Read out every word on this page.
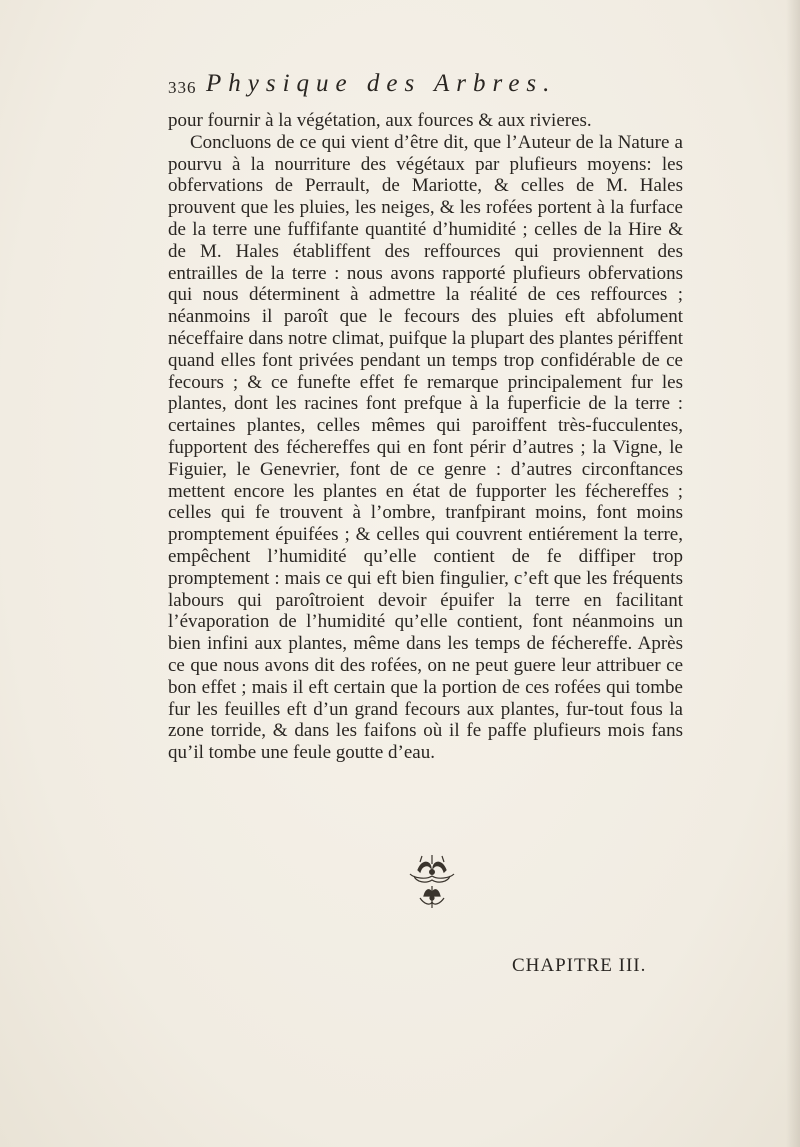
336 Physique des Arbres.

pour fournir à la végétation, aux fources & aux rivieres.

Concluons de ce qui vient d’être dit, que l’Auteur de la Nature a pourvu à la nourriture des végétaux par plufieurs moyens: les obfervations de Perrault, de Mariotte, & celles de M. Hales prouvent que les pluies, les neiges, & les rofées portent à la furface de la terre une fuffifante quantité d’humidité ; celles de la Hire & de M. Hales établiffent des reffources qui proviennent des entrailles de la terre : nous avons rapporté plufieurs obfervations qui nous déterminent à admettre la réalité de ces reffources ; néanmoins il paroît que le fecours des pluies eft abfolument néceffaire dans notre climat, puifque la plupart des plantes périffent quand elles font privées pendant un temps trop confidérable de ce fecours ; & ce funefte effet fe remarque principalement fur les plantes, dont les racines font prefque à la fuperficie de la terre : certaines plantes, celles mêmes qui paroiffent très-fucculentes, fupportent des féchereffes qui en font périr d’autres ; la Vigne, le Figuier, le Genevrier, font de ce genre : d’autres circonftances mettent encore les plantes en état de fupporter les féchereffes ; celles qui fe trouvent à l’ombre, tranfpirant moins, font moins promptement épuifées ; & celles qui couvrent entiérement la terre, empêchent l’humidité qu’elle contient de fe diffiper trop promptement : mais ce qui eft bien fingulier, c’eft que les fréquents labours qui paroîtroient devoir épuifer la terre en facilitant l’évaporation de l’humidité qu’elle contient, font néanmoins un bien infini aux plantes, même dans les temps de féchereffe. Après ce que nous avons dit des rofées, on ne peut guere leur attribuer ce bon effet ; mais il eft certain que la portion de ces rofées qui tombe fur les feuilles eft d’un grand fecours aux plantes, fur-tout fous la zone torride, & dans les faifons où il fe paffe plufieurs mois fans qu’il tombe une feule goutte d’eau.

CHAPITRE III.
